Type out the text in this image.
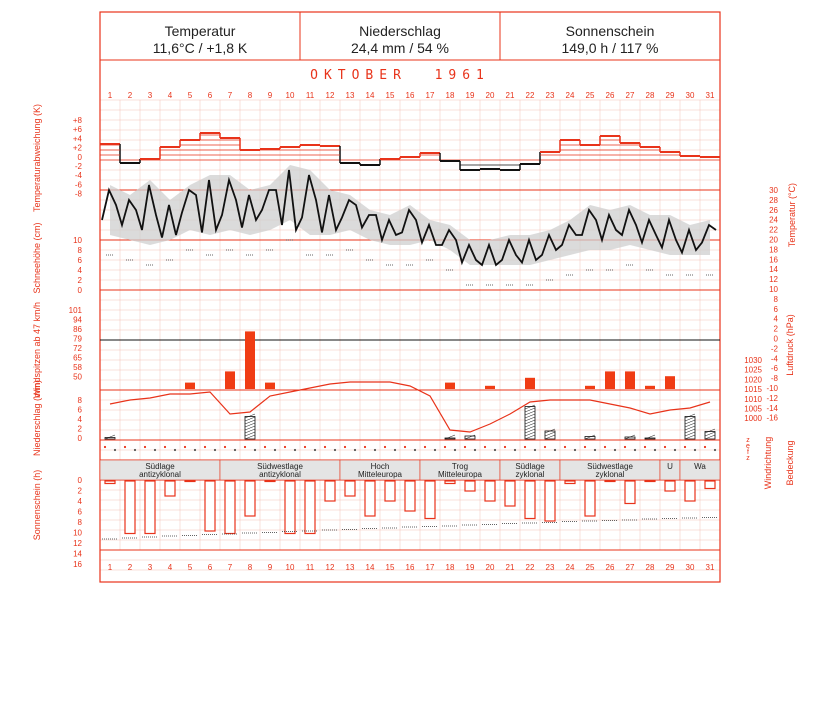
Temperatur
11,6°C / +1,8 K
Niederschlag
24,4 mm / 54 %
Sonnenschein
149,0 h / 117 %
OKTOBER  1961
1
1
2
2
3
3
4
4
5
5
6
6
7
7
8
8
9
9
10
10
11
11
12
12
13
13
14
14
15
15
16
16
17
17
18
18
19
19
20
20
21
21
22
22
23
23
24
24
25
25
26
26
27
27
28
28
29
29
30
30
31
31
Südlage
antizyklonal
Südwestlage
antizyklonal
Hoch
Mitteleuropa
Trog
Mitteleuropa
Südlage
zyklonal
Südwestlage
zyklonal
U	Wa
+8
+6
+4
+2
0
-2
-4
-6
-8
10
8
6
4
2
0
101
94
86
79
72
65
58
50
8
6
4
2
0
0
2
4
6
8
10
12
14
16
30
28
26
24
22
20
18
16
14
12
10
8
6
4
2
0
-2
-4
-6
-8
-10
-12
-14
-16
1030
1025
1020
1015
1010
1005
1000
z
e
f
z
Temperaturabweichung (K)
Schneehöhe (cm)
Windspitzen ab 47 km/h
Niederschlag (mm)
Sonnenschein (h)
Temperatur (°C)
Luftdruck (hPa)
Windrichtung Bedeckung
